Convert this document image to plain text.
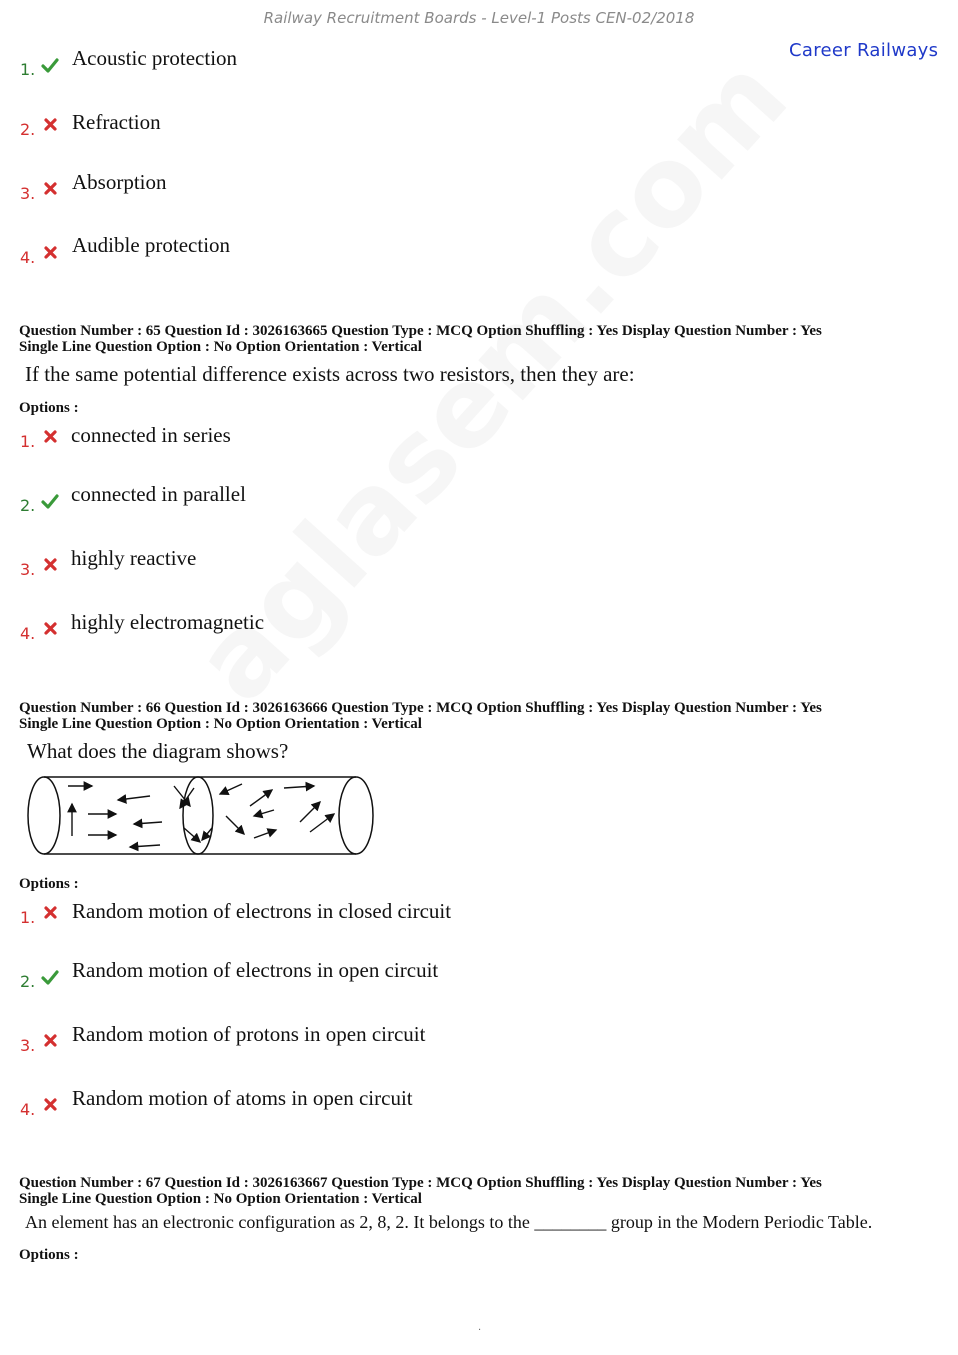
Railway Recruitment Boards - Level-1 Posts CEN-02/2018
Career Railways
1. Acoustic protection
2. Refraction
3. Absorption
4.
Audible protection
Question Number : 65 Question Id : 3026163665 Question Type : MCQ Option Shuffling : Yes Display Question Number : Yes
Single Line Question Option : No Option Orientation : Vertical
If the same potential difference exists across two resistors, then they are:
Options :
1. connected in series
2. connected in parallel
3. highly reactive
4. highly electromagnetic
Question Number : 66 Question Id : 3026163666 Question Type : MCQ Option Shuffling : Yes Display Question Number : Yes
Single Line Question Option : No Option Orientation : Vertical
What does the diagram shows?
Options :
1. Random motion of electrons in closed circuit
2. Random motion of electrons in open circuit
3. Random motion of protons in open circuit
4. Random motion of atoms in open circuit
Question Number : 67 Question Id : 3026163667 Question Type : MCQ Option Shuffling : Yes Display Question Number : Yes
Single Line Question Option : No Option Orientation : Vertical
An element has an electronic configuration as 2, 8, 2. It belongs to the ________ group in the Modern Periodic Table.
Options :
.
